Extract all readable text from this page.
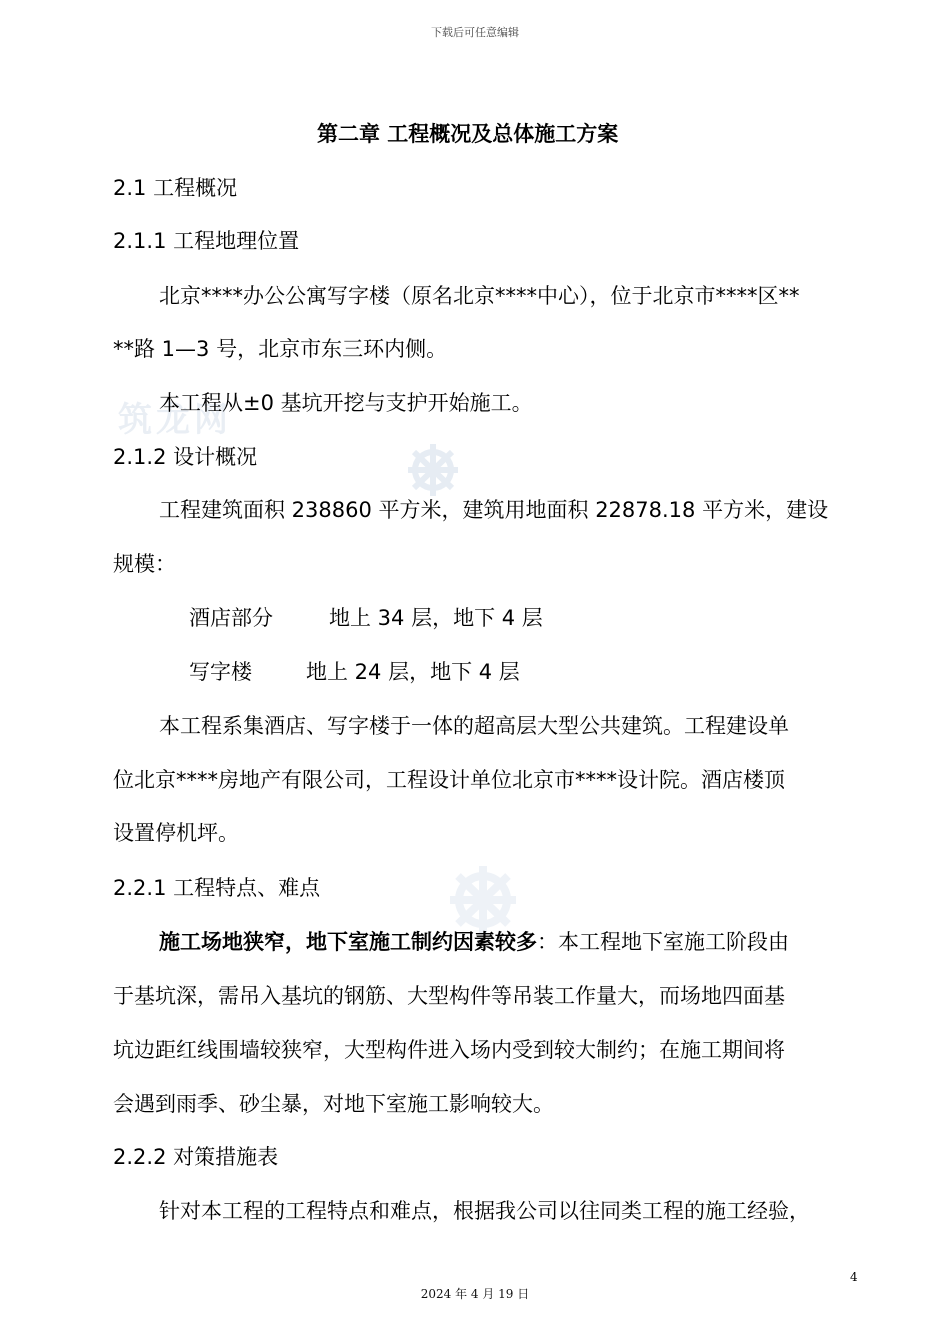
下载后可任意编辑
筑龙网
第二章 工程概况及总体施工方案
2.1 工程概况
2.1.1 工程地理位置
北京****办公公寓写字楼（原名北京****中心），位于北京市****区**
**路 1—3 号，北京市东三环内侧。
本工程从±0 基坑开挖与支护开始施工。
2.1.2 设计概况
工程建筑面积 238860 平方米，建筑用地面积 22878.18 平方米，建设
规模：
酒店部分	地上 34 层，地下 4 层
写字楼	地上 24 层，地下 4 层
本工程系集酒店、写字楼于一体的超高层大型公共建筑。工程建设单
位北京****房地产有限公司，工程设计单位北京市****设计院。酒店楼顶
设置停机坪。
2.2.1 工程特点、难点
施工场地狭窄，地下室施工制约因素较多：本工程地下室施工阶段由
于基坑深，需吊入基坑的钢筋、大型构件等吊装工作量大，而场地四面基
坑边距红线围墙较狭窄，大型构件进入场内受到较大制约；在施工期间将
会遇到雨季、砂尘暴，对地下室施工影响较大。
2.2.2 对策措施表
针对本工程的工程特点和难点，根据我公司以往同类工程的施工经验，
4
2024 年 4 月 19 日
